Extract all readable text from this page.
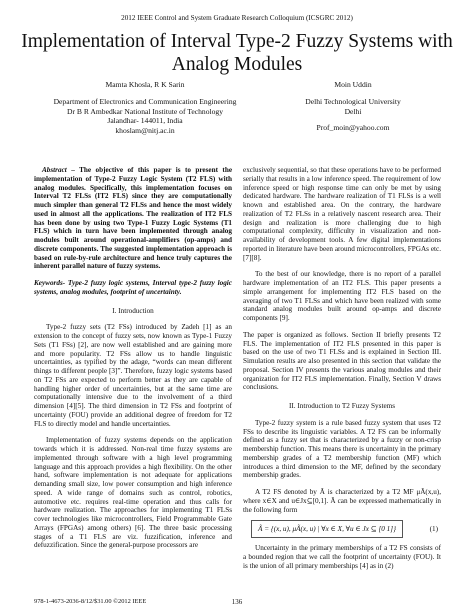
2012 IEEE Control and System Graduate Research Colloquium (ICSGRC 2012)
Implementation of Interval Type-2 Fuzzy Systems with Analog Modules
Mamta Khosla, R K Sarin
Department of Electronics and Communication Engineering
Dr B R Ambedkar National Institute of Technology
Jalandhar- 144011, India
khoslam@nitj.ac.in
Moin Uddin
Delhi Technological University
Delhi
Prof_moin@yahoo.com

Abstract – The objective of this paper is to present the implementation of Type-2 Fuzzy Logic System (T2 FLS) with analog modules. Specifically, this implementation focuses on Interval T2 FLSs (IT2 FLS) since they are computationally much simpler than general T2 FLSs and hence the most widely used in almost all the applications. The realization of IT2 FLS has been done by using two Type-1 Fuzzy Logic Systems (T1 FLS) which in turn have been implemented through analog modules built around operational-amplifiers (op-amps) and discrete components. The suggested implementation approach is based on rule-by-rule architecture and hence truly captures the inherent parallel nature of fuzzy systems.

Keywords- Type-2 fuzzy logic systems, Interval type-2 fuzzy logic systems, analog modules, footprint of uncertainty.

I. Introduction

Type-2 fuzzy sets (T2 FSs) introduced by Zadeh [1] as an extension to the concept of fuzzy sets, now known as Type-1 Fuzzy Sets (T1 FSs) [2], are now well established and are gaining more and more popularity. T2 FSs allow us to handle linguistic uncertainties, as typified by the adage, “words can mean different things to different people [3]”. Therefore, fuzzy logic systems based on T2 FSs are expected to perform better as they are capable of handling higher order of uncertainties, but at the same time are computationally intensive due to the involvement of a third dimension [4][5]. The third dimension in T2 FSs and footprint of uncertainty (FOU) provide an additional degree of freedom for T2 FLS to directly model and handle uncertainties.

Implementation of fuzzy systems depends on the application towards which it is addressed. Non-real time fuzzy systems are implemented through software with a high level programming language and this approach provides a high flexibility. On the other hand, software implementation is not adequate for applications demanding small size, low power consumption and high inference speed. A wide range of domains such as control, robotics, automotive etc. requires real-time operation and thus calls for hardware realization. The approaches for implementing T1 FLSs cover technologies like microcontrollers, Field Programmable Gate Arrays (FPGAs) among others) [6]. The three basic processing stages of a T1 FLS are viz. fuzzification, inference and defuzzification. Since the general-purpose processors are

exclusively sequential, so that these operations have to be performed serially that results in a low inference speed. The requirement of low inference speed or high response time can only be met by using dedicated hardware. The hardware realization of T1 FLSs is a well known and established area. On the contrary, the hardware realization of T2 FLSs in a relatively nascent research area. Their design and realization is more challenging due to high computational complexity, difficulty in visualization and non-availability of development tools. A few digital implementations reported in literature have been around microcontrollers, FPGAs etc. [7][8].

To the best of our knowledge, there is no report of a parallel hardware implementation of an IT2 FLS. This paper presents a simple arrangement for implementing IT2 FLS based on the averaging of two T1 FLSs and which have been realized with some standard analog modules built around op-amps and discrete components [9].

The paper is organized as follows. Section II briefly presents T2 FLS. The implementation of IT2 FLS presented in this paper is based on the use of two T1 FLSs and is explained in Section III. Simulation results are also presented in this section that validate the proposal. Section IV presents the various analog modules and their organization for IT2 FLS implementation. Finally, Section V draws conclusions.

II. Introduction to T2 Fuzzy Systems

Type-2 fuzzy system is a rule based fuzzy system that uses T2 FSs to describe its linguistic variables. A T2 FS can be informally defined as a fuzzy set that is characterized by a fuzzy or non-crisp membership function. This means there is uncertainty in the primary membership grades of a T2 membership function (MF) which introduces a third dimension to the MF, defined by the secondary membership grades.

A T2 FS denoted by Ã is characterized by a T2 MF μÃ(x,u), where x∈X and u∈Jx⊆[0,1]. Ã can be expressed mathematically in the following form

Ã = {(x, u), μÃ(x, u) | ∀x ∈ X, ∀u ∈ Jx ⊆ [0 1]}	(1)

Uncertainty in the primary memberships of a T2 FS consists of a bounded region that we call the footprint of uncertainty (FOU). It is the union of all primary memberships [4] as in (2)

978-1-4673-2036-8/12/$31.00 ©2012 IEEE	136
